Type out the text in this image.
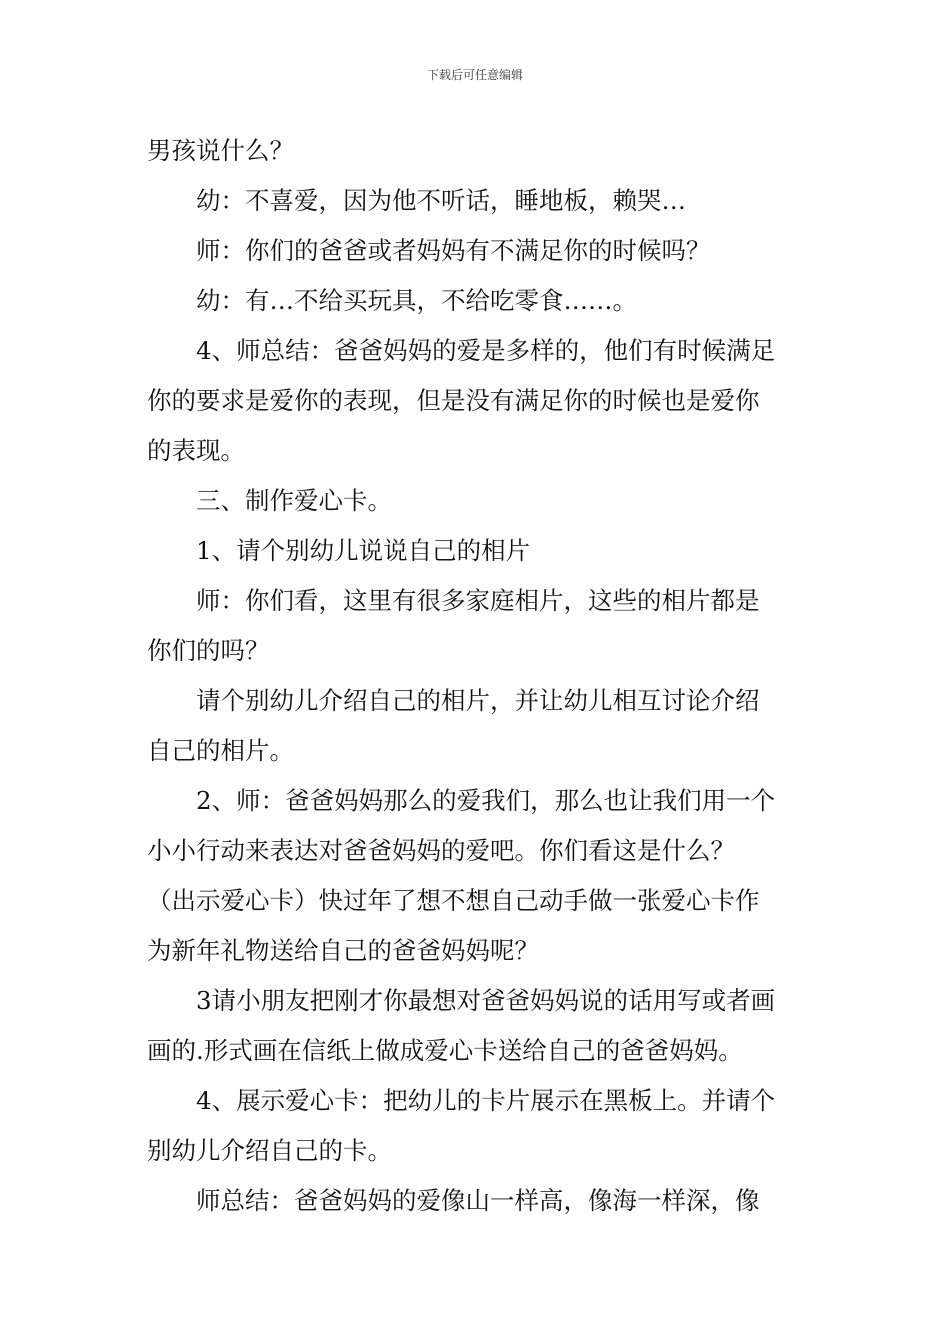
下载后可任意编辑
男孩说什么？
幼：不喜爱，因为他不听话，睡地板，赖哭…
师：你们的爸爸或者妈妈有不满足你的时候吗？
幼：有…不给买玩具，不给吃零食……。
4、师总结：爸爸妈妈的爱是多样的，他们有时候满足
你的要求是爱你的表现，但是没有满足你的时候也是爱你
的表现。
三、制作爱心卡。
1、请个别幼儿说说自己的相片
师：你们看，这里有很多家庭相片，这些的相片都是
你们的吗？
请个别幼儿介绍自己的相片，并让幼儿相互讨论介绍
自己的相片。
2、师：爸爸妈妈那么的爱我们，那么也让我们用一个
小小行动来表达对爸爸妈妈的爱吧。你们看这是什么？
（出示爱心卡）快过年了想不想自己动手做一张爱心卡作
为新年礼物送给自己的爸爸妈妈呢？
3请小朋友把刚才你最想对爸爸妈妈说的话用写或者画
画的.形式画在信纸上做成爱心卡送给自己的爸爸妈妈。
4、展示爱心卡：把幼儿的卡片展示在黑板上。并请个
别幼儿介绍自己的卡。
师总结：爸爸妈妈的爱像山一样高，像海一样深，像
